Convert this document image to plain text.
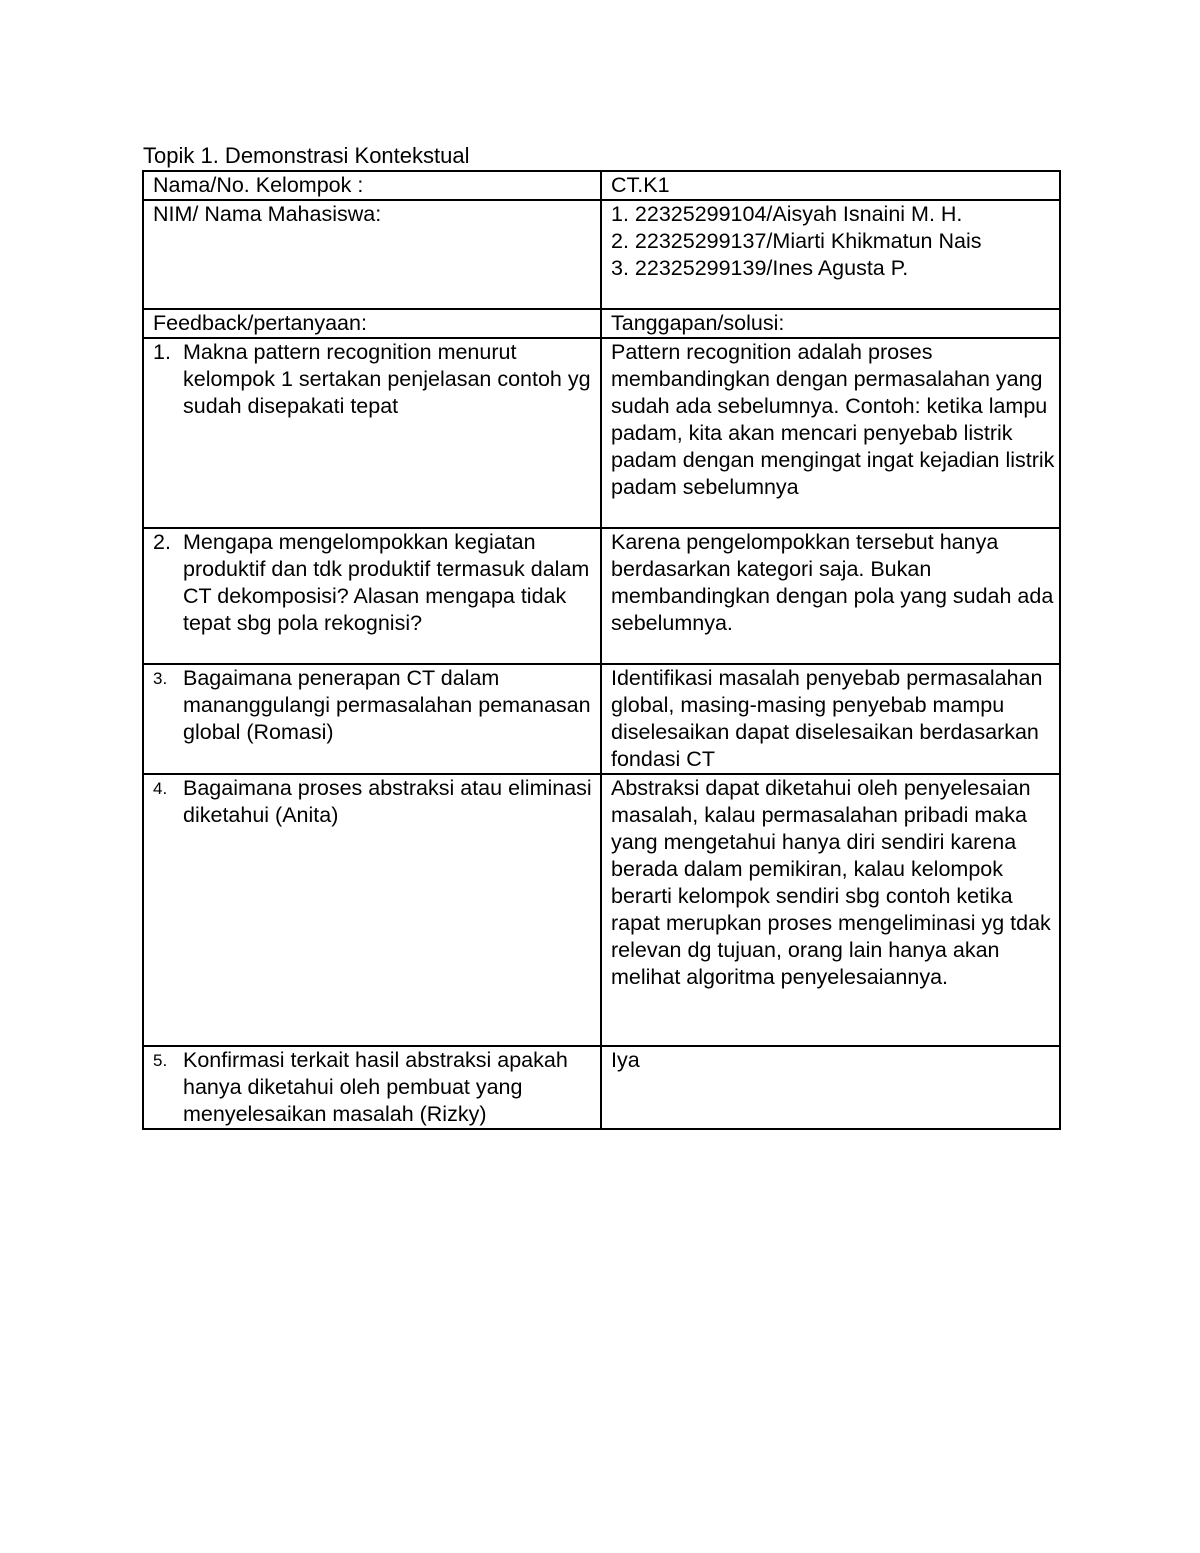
Topik 1. Demonstrasi Kontekstual
Nama/No. Kelompok :	CT.K1
NIM/ Nama Mahasiswa:	1. 22325299104/Aisyah Isnaini M. H.
2. 22325299137/Miarti Khikmatun Nais
3. 22325299139/Ines Agusta P.

Feedback/pertanyaan:	Tanggapan/solusi:

1. Makna pattern recognition menurut kelompok 1 sertakan penjelasan contoh yg sudah disepakati tepat	Pattern recognition adalah proses membandingkan dengan permasalahan yang sudah ada sebelumnya. Contoh: ketika lampu padam, kita akan mencari penyebab listrik padam dengan mengingat ingat kejadian listrik padam sebelumnya

2. Mengapa mengelompokkan kegiatan produktif dan tdk produktif termasuk dalam CT dekomposisi? Alasan mengapa tidak tepat sbg pola rekognisi?	Karena pengelompokkan tersebut hanya berdasarkan kategori saja. Bukan membandingkan dengan pola yang sudah ada sebelumnya.

3. Bagaimana penerapan CT dalam mananggulangi permasalahan pemanasan global (Romasi)	Identifikasi masalah penyebab permasalahan global, masing-masing penyebab mampu diselesaikan dapat diselesaikan berdasarkan fondasi CT

4. Bagaimana proses abstraksi atau eliminasi diketahui (Anita)	Abstraksi dapat diketahui oleh penyelesaian masalah, kalau permasalahan pribadi maka yang mengetahui hanya diri sendiri karena berada dalam pemikiran, kalau kelompok berarti kelompok sendiri sbg contoh ketika rapat merupkan proses mengeliminasi yg tdak relevan dg tujuan, orang lain hanya akan melihat algoritma penyelesaiannya.

5. Konfirmasi terkait hasil abstraksi apakah hanya diketahui oleh pembuat yang menyelesaikan masalah (Rizky)	Iya
